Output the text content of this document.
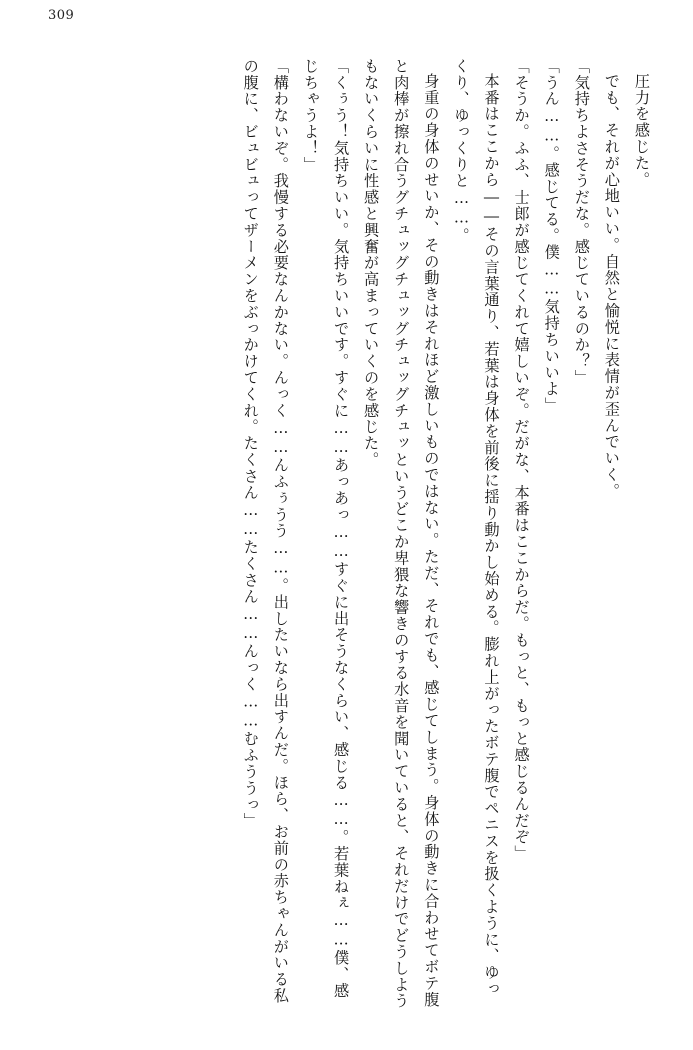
309

圧力を感じた。

でも、それが心地いい。自然と愉悦に表情が歪んでいく。

「気持ちよさそうだな。感じているのか？」

「うん……。感じてる。僕……気持ちいいよ」

「そうか。ふふ、士郎が感じてくれて嬉しいぞ。だがな、本番はここからだ。もっと、もっと感じるんだぞ」

本番はここから――その言葉通り、若葉は身体を前後に揺り動かし始める。膨れ上がったボテ腹でペニスを扱くように、ゆっくり、ゆっくりと……。

身重の身体のせいか、その動きはそれほど激しいものではない。ただ、それでも、感じてしまう。身体の動きに合わせてボテ腹と肉棒が擦れ合うグチュッグチュッグチュッグチュッというどこか卑猥な響きのする水音を聞いていると、それだけでどうしようもないくらいに性感と興奮が高まっていくのを感じた。

「くぅう！気持ちいい。気持ちいいです。すぐに……あっあっ……すぐに出そうなくらい、感じる……。若葉ねぇ……僕、感じちゃうよ！」

「構わないぞ。我慢する必要なんかない。んっく……んふぅうう……。出したいなら出すんだ。ほら、お前の赤ちゃんがいる私の腹に、ビュビュってザーメンをぶっかけてくれ。たくさん……たくさん……んっく……むふううっ」
